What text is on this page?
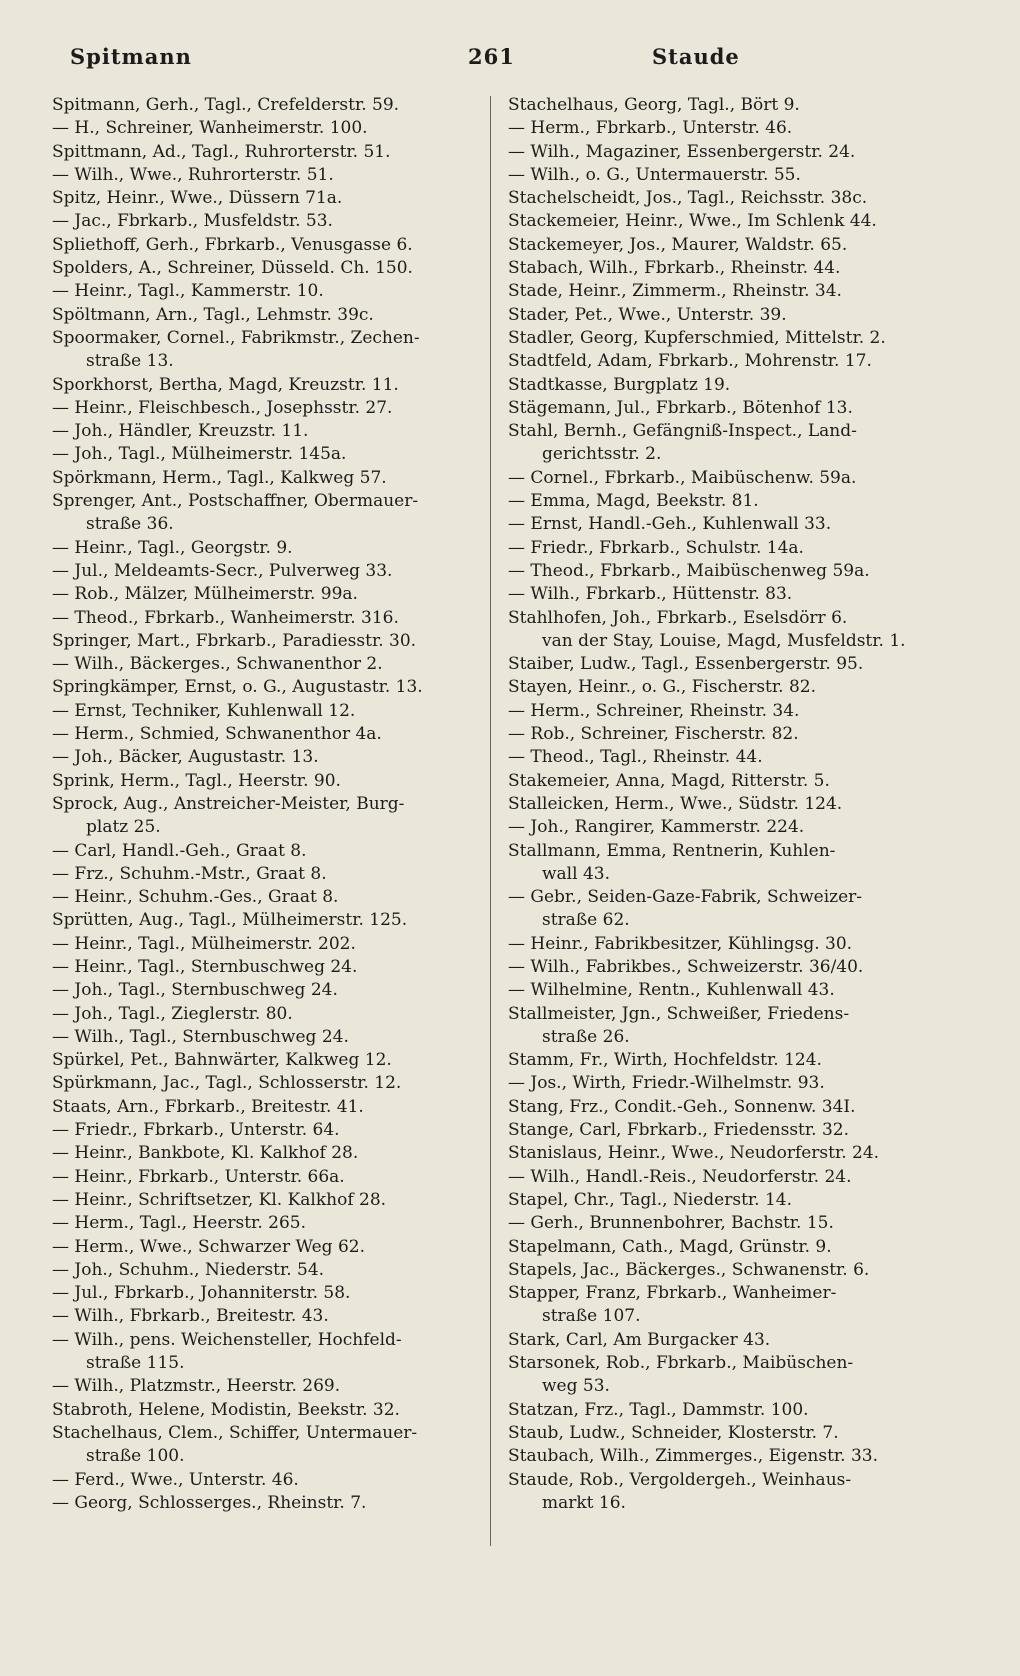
Spitmann	261	Staude
Spitmann, Gerh., Tagl., Crefelderstr. 59.
— H., Schreiner, Wanheimerstr. 100.
Spittmann, Ad., Tagl., Ruhrorterstr. 51.
— Wilh., Wwe., Ruhrorterstr. 51.
Spitz, Heinr., Wwe., Düssern 71a.
— Jac., Fbrkarb., Musfeldstr. 53.
Spliethoff, Gerh., Fbrkarb., Venusgasse 6.
Spolders, A., Schreiner, Düsseld. Ch. 150.
— Heinr., Tagl., Kammerstr. 10.
Spöltmann, Arn., Tagl., Lehmstr. 39c.
Spoormaker, Cornel., Fabrikmstr., Zechen-
straße 13.
Sporkhorst, Bertha, Magd, Kreuzstr. 11.
— Heinr., Fleischbesch., Josephsstr. 27.
— Joh., Händler, Kreuzstr. 11.
— Joh., Tagl., Mülheimerstr. 145a.
Spörkmann, Herm., Tagl., Kalkweg 57.
Sprenger, Ant., Postschaffner, Obermauer-
straße 36.
— Heinr., Tagl., Georgstr. 9.
— Jul., Meldeamts-Secr., Pulverweg 33.
— Rob., Mälzer, Mülheimerstr. 99a.
— Theod., Fbrkarb., Wanheimerstr. 316.
Springer, Mart., Fbrkarb., Paradiesstr. 30.
— Wilh., Bäckerges., Schwanenthor 2.
Springkämper, Ernst, o. G., Augustastr. 13.
— Ernst, Techniker, Kuhlenwall 12.
— Herm., Schmied, Schwanenthor 4a.
— Joh., Bäcker, Augustastr. 13.
Sprink, Herm., Tagl., Heerstr. 90.
Sprock, Aug., Anstreicher-Meister, Burg-
platz 25.
— Carl, Handl.-Geh., Graat 8.
— Frz., Schuhm.-Mstr., Graat 8.
— Heinr., Schuhm.-Ges., Graat 8.
Sprütten, Aug., Tagl., Mülheimerstr. 125.
— Heinr., Tagl., Mülheimerstr. 202.
— Heinr., Tagl., Sternbuschweg 24.
— Joh., Tagl., Sternbuschweg 24.
— Joh., Tagl., Zieglerstr. 80.
— Wilh., Tagl., Sternbuschweg 24.
Spürkel, Pet., Bahnwärter, Kalkweg 12.
Spürkmann, Jac., Tagl., Schlosserstr. 12.
Staats, Arn., Fbrkarb., Breitestr. 41.
— Friedr., Fbrkarb., Unterstr. 64.
— Heinr., Bankbote, Kl. Kalkhof 28.
— Heinr., Fbrkarb., Unterstr. 66a.
— Heinr., Schriftsetzer, Kl. Kalkhof 28.
— Herm., Tagl., Heerstr. 265.
— Herm., Wwe., Schwarzer Weg 62.
— Joh., Schuhm., Niederstr. 54.
— Jul., Fbrkarb., Johanniterstr. 58.
— Wilh., Fbrkarb., Breitestr. 43.
— Wilh., pens. Weichensteller, Hochfeld-
straße 115.
— Wilh., Platzmstr., Heerstr. 269.
Stabroth, Helene, Modistin, Beekstr. 32.
Stachelhaus, Clem., Schiffer, Untermauer-
straße 100.
— Ferd., Wwe., Unterstr. 46.
— Georg, Schlosserges., Rheinstr. 7.
Stachelhaus, Georg, Tagl., Bört 9.
— Herm., Fbrkarb., Unterstr. 46.
— Wilh., Magaziner, Essenbergerstr. 24.
— Wilh., o. G., Untermauerstr. 55.
Stachelscheidt, Jos., Tagl., Reichsstr. 38c.
Stackemeier, Heinr., Wwe., Im Schlenk 44.
Stackemeyer, Jos., Maurer, Waldstr. 65.
Stabach, Wilh., Fbrkarb., Rheinstr. 44.
Stade, Heinr., Zimmerm., Rheinstr. 34.
Stader, Pet., Wwe., Unterstr. 39.
Stadler, Georg, Kupferschmied, Mittelstr. 2.
Stadtfeld, Adam, Fbrkarb., Mohrenstr. 17.
Stadtkasse, Burgplatz 19.
Stägemann, Jul., Fbrkarb., Bötenhof 13.
Stahl, Bernh., Gefängniß-Inspect., Land-
gerichtsstr. 2.
— Cornel., Fbrkarb., Maibüschenw. 59a.
— Emma, Magd, Beekstr. 81.
— Ernst, Handl.-Geh., Kuhlenwall 33.
— Friedr., Fbrkarb., Schulstr. 14a.
— Theod., Fbrkarb., Maibüschenweg 59a.
— Wilh., Fbrkarb., Hüttenstr. 83.
Stahlhofen, Joh., Fbrkarb., Eselsdörr 6.
van der Stay, Louise, Magd, Musfeldstr. 1.
Staiber, Ludw., Tagl., Essenbergerstr. 95.
Stayen, Heinr., o. G., Fischerstr. 82.
— Herm., Schreiner, Rheinstr. 34.
— Rob., Schreiner, Fischerstr. 82.
— Theod., Tagl., Rheinstr. 44.
Stakemeier, Anna, Magd, Ritterstr. 5.
Stalleicken, Herm., Wwe., Südstr. 124.
— Joh., Rangirer, Kammerstr. 224.
Stallmann, Emma, Rentnerin, Kuhlen-
wall 43.
— Gebr., Seiden-Gaze-Fabrik, Schweizer-
straße 62.
— Heinr., Fabrikbesitzer, Kühlingsg. 30.
— Wilh., Fabrikbes., Schweizerstr. 36/40.
— Wilhelmine, Rentn., Kuhlenwall 43.
Stallmeister, Jgn., Schweißer, Friedens-
straße 26.
Stamm, Fr., Wirth, Hochfeldstr. 124.
— Jos., Wirth, Friedr.-Wilhelmstr. 93.
Stang, Frz., Condit.-Geh., Sonnenw. 34I.
Stange, Carl, Fbrkarb., Friedensstr. 32.
Stanislaus, Heinr., Wwe., Neudorferstr. 24.
— Wilh., Handl.-Reis., Neudorferstr. 24.
Stapel, Chr., Tagl., Niederstr. 14.
— Gerh., Brunnenbohrer, Bachstr. 15.
Stapelmann, Cath., Magd, Grünstr. 9.
Stapels, Jac., Bäckerges., Schwanenstr. 6.
Stapper, Franz, Fbrkarb., Wanheimer-
straße 107.
Stark, Carl, Am Burgacker 43.
Starsonek, Rob., Fbrkarb., Maibüschen-
weg 53.
Statzan, Frz., Tagl., Dammstr. 100.
Staub, Ludw., Schneider, Klosterstr. 7.
Staubach, Wilh., Zimmerges., Eigenstr. 33.
Staude, Rob., Vergoldergeh., Weinhaus-
markt 16.
